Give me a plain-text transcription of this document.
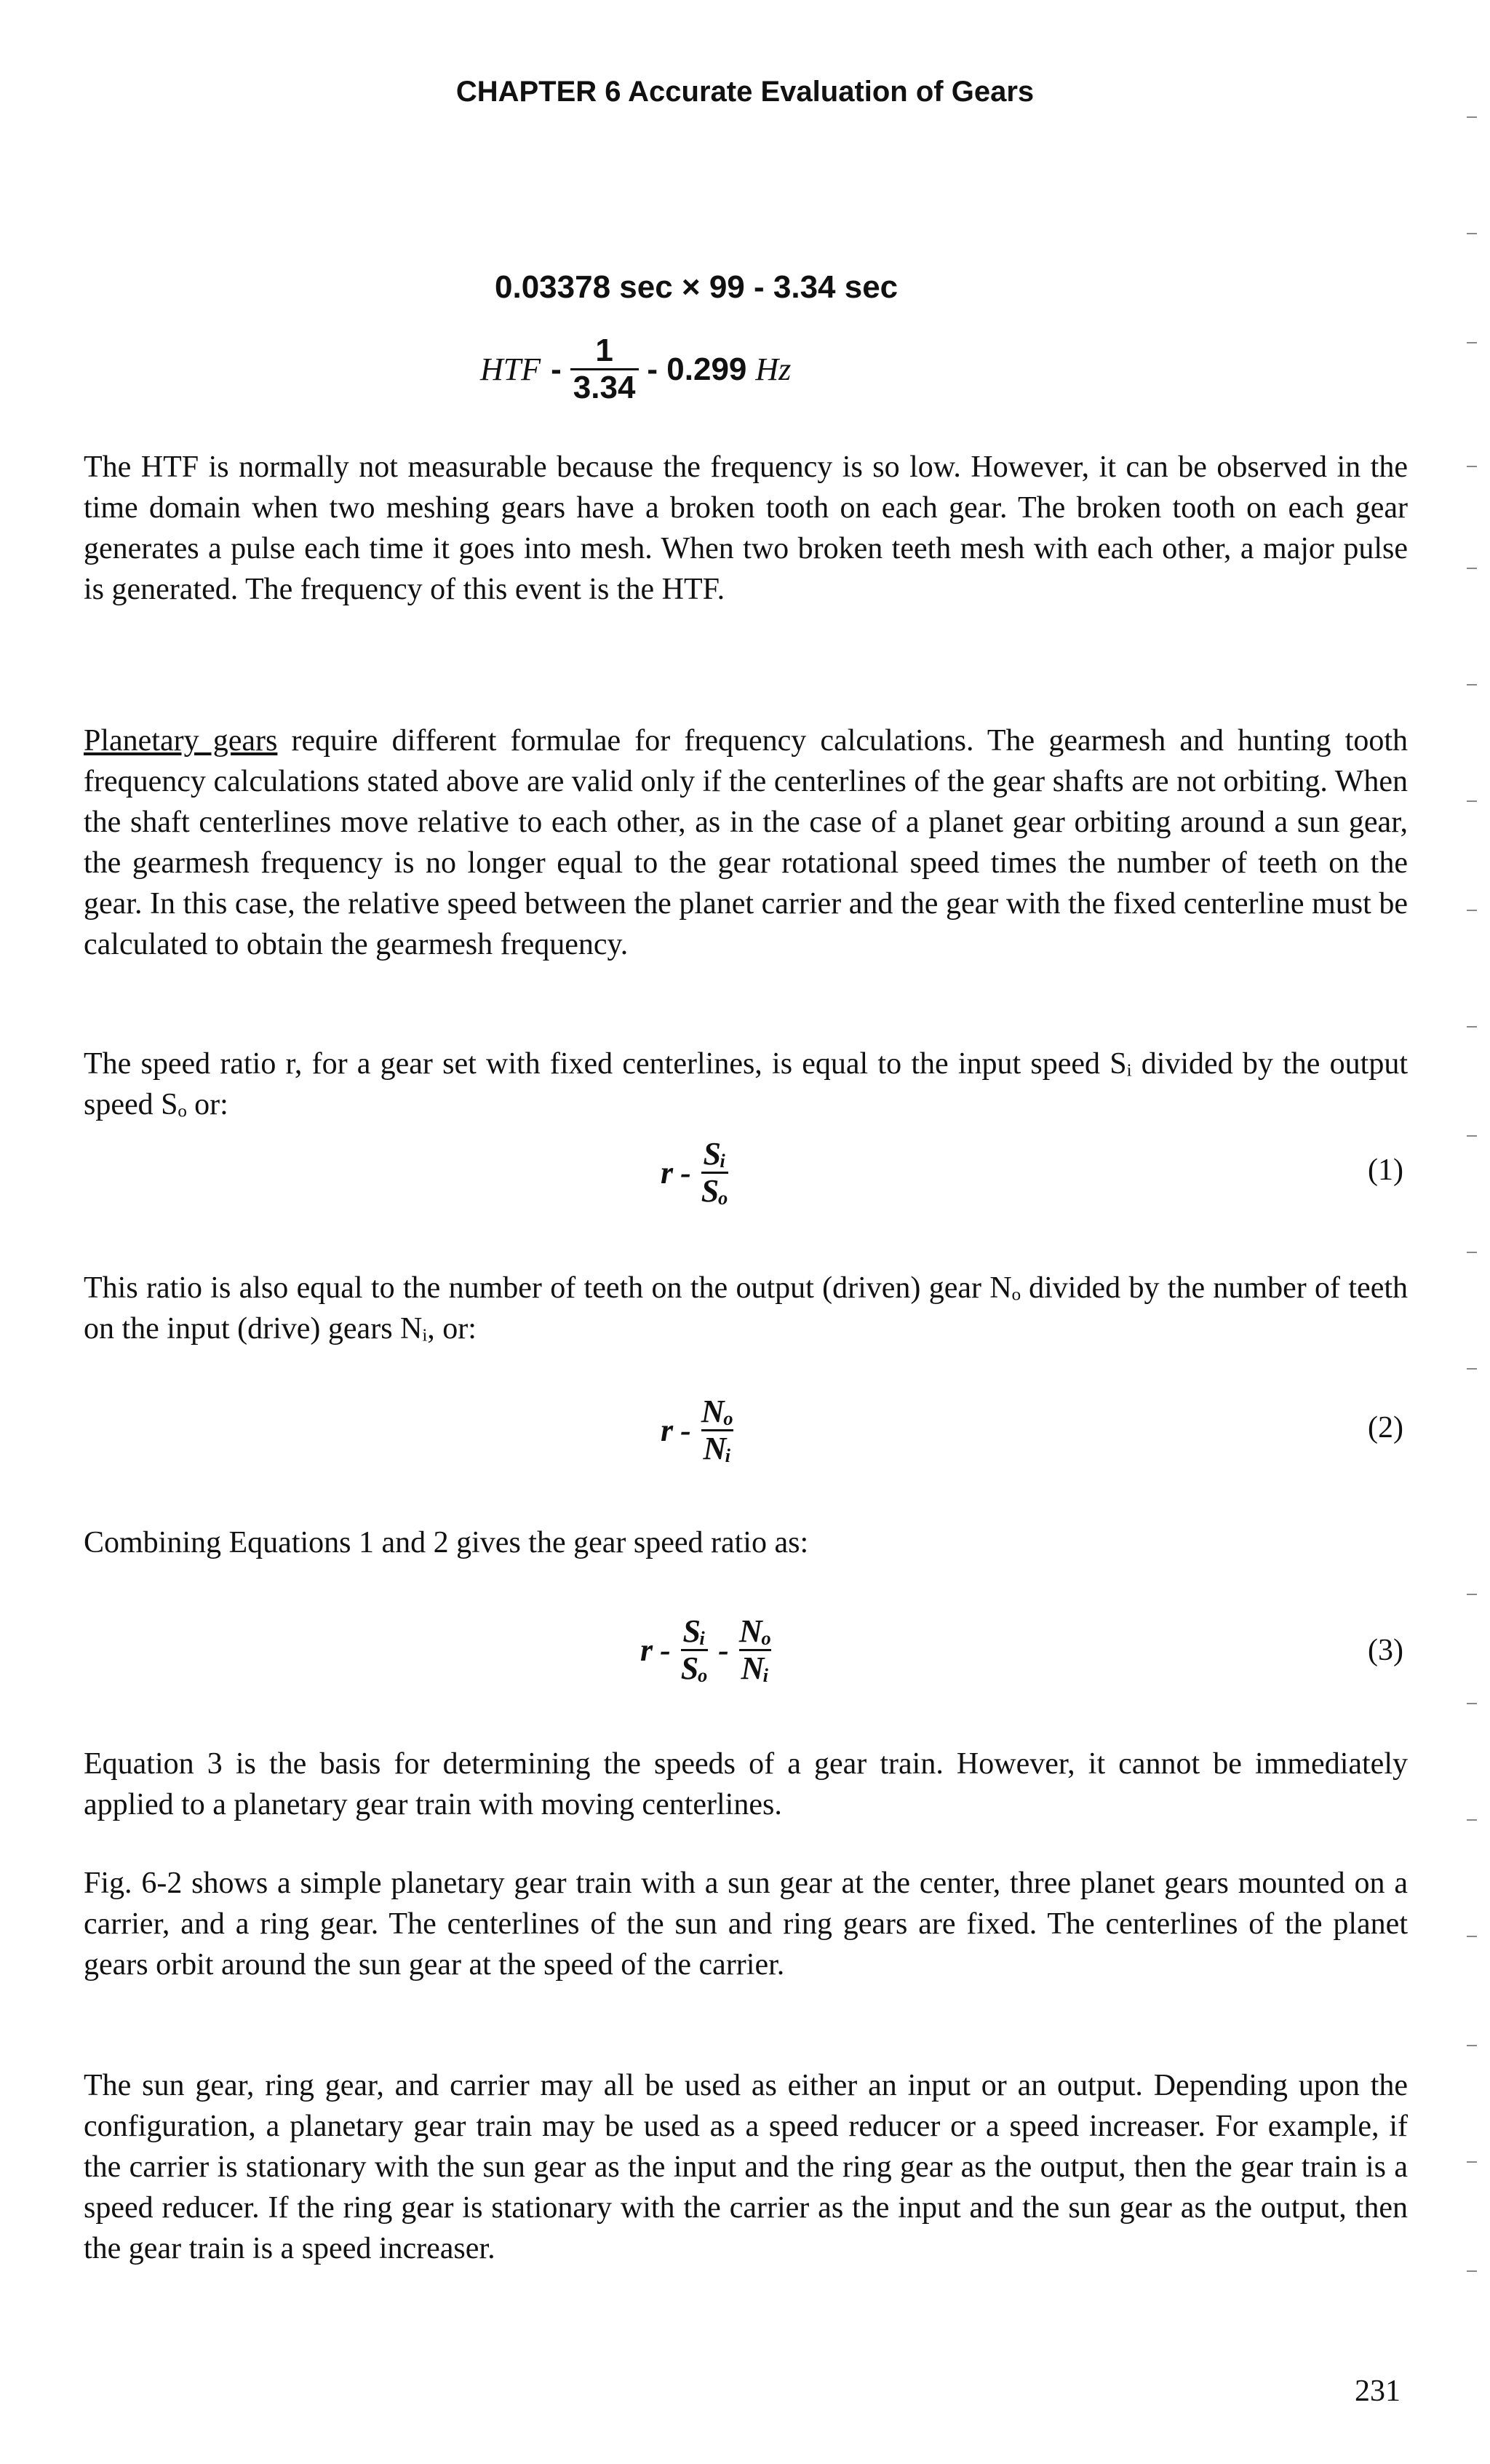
CHAPTER 6 Accurate Evaluation of Gears
0.03378 sec × 99 - 3.34 sec
HTF - $\frac{1}{3.34} - 0.299$ Hz
The HTF is normally not measurable because the frequency is so low. However, it can be observed in the time domain when two meshing gears have a broken tooth on each gear. The broken tooth on each gear generates a pulse each time it goes into mesh. When two broken teeth mesh with each other, a major pulse is generated. The frequency of this event is the HTF.
Planetary gears require different formulae for frequency calculations. The gearmesh and hunting tooth frequency calculations stated above are valid only if the centerlines of the gear shafts are not orbiting. When the shaft centerlines move relative to each other, as in the case of a planet gear orbiting around a sun gear, the gearmesh frequency is no longer equal to the gear rotational speed times the number of teeth on the gear. In this case, the relative speed between the planet carrier and the gear with the fixed centerline must be calculated to obtain the gearmesh frequency.
The speed ratio r, for a gear set with fixed centerlines, is equal to the input speed Sᵢ divided by the output speed Sₒ or:
r - $\frac{\text{Sᵢ}}{\text{Sₒ}}$	(1)
This ratio is also equal to the number of teeth on the output (driven) gear Nₒ divided by the number of teeth on the input (drive) gears Nᵢ, or:
r - $\frac{\text{Nₒ}}{\text{Nᵢ}}$	(2)
Combining Equations 1 and 2 gives the gear speed ratio as:
r - $\frac{\text{Sᵢ}}{\text{Sₒ}} - \frac{\text{Nₒ}}{\text{Nᵢ}}$	(3)
Equation 3 is the basis for determining the speeds of a gear train. However, it cannot be immediately applied to a planetary gear train with moving centerlines.
Fig. 6-2 shows a simple planetary gear train with a sun gear at the center, three planet gears mounted on a carrier, and a ring gear. The centerlines of the sun and ring gears are fixed. The centerlines of the planet gears orbit around the sun gear at the speed of the carrier.
The sun gear, ring gear, and carrier may all be used as either an input or an output. Depending upon the configuration, a planetary gear train may be used as a speed reducer or a speed increaser. For example, if the carrier is stationary with the sun gear as the input and the ring gear as the output, then the gear train is a speed reducer. If the ring gear is stationary with the carrier as the input and the sun gear as the output, then the gear train is a speed increaser.
231
